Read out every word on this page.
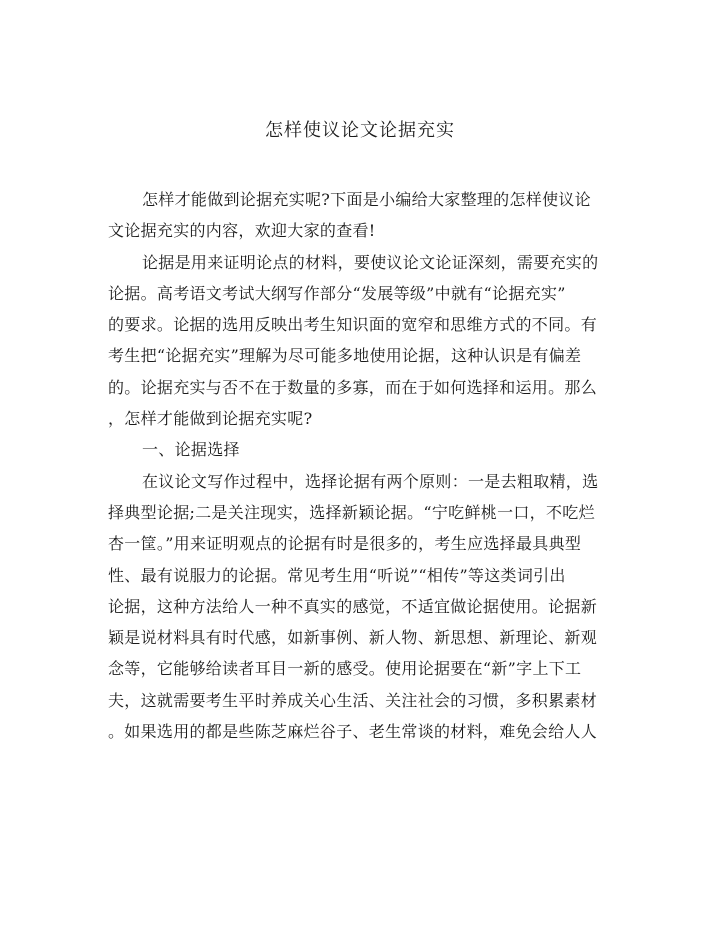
怎样使议论文论据充实
怎样才能做到论据充实呢?下面是小编给大家整理的怎样使议论
文论据充实的内容，欢迎大家的查看!
论据是用来证明论点的材料，要使议论文论证深刻，需要充实的
论据。高考语文考试大纲写作部分“发展等级”中就有“论据充实”
的要求。论据的选用反映出考生知识面的宽窄和思维方式的不同。有
考生把“论据充实”理解为尽可能多地使用论据，这种认识是有偏差
的。论据充实与否不在于数量的多寡，而在于如何选择和运用。那么
，怎样才能做到论据充实呢?
一、论据选择
在议论文写作过程中，选择论据有两个原则：一是去粗取精，选
择典型论据;二是关注现实，选择新颖论据。“宁吃鲜桃一口，不吃烂
杏一筐。”用来证明观点的论据有时是很多的，考生应选择最具典型
性、最有说服力的论据。常见考生用“听说”“相传”等这类词引出
论据，这种方法给人一种不真实的感觉，不适宜做论据使用。论据新
颖是说材料具有时代感，如新事例、新人物、新思想、新理论、新观
念等，它能够给读者耳目一新的感受。使用论据要在“新”字上下工
夫，这就需要考生平时养成关心生活、关注社会的习惯，多积累素材
。如果选用的都是些陈芝麻烂谷子、老生常谈的材料，难免会给人人
